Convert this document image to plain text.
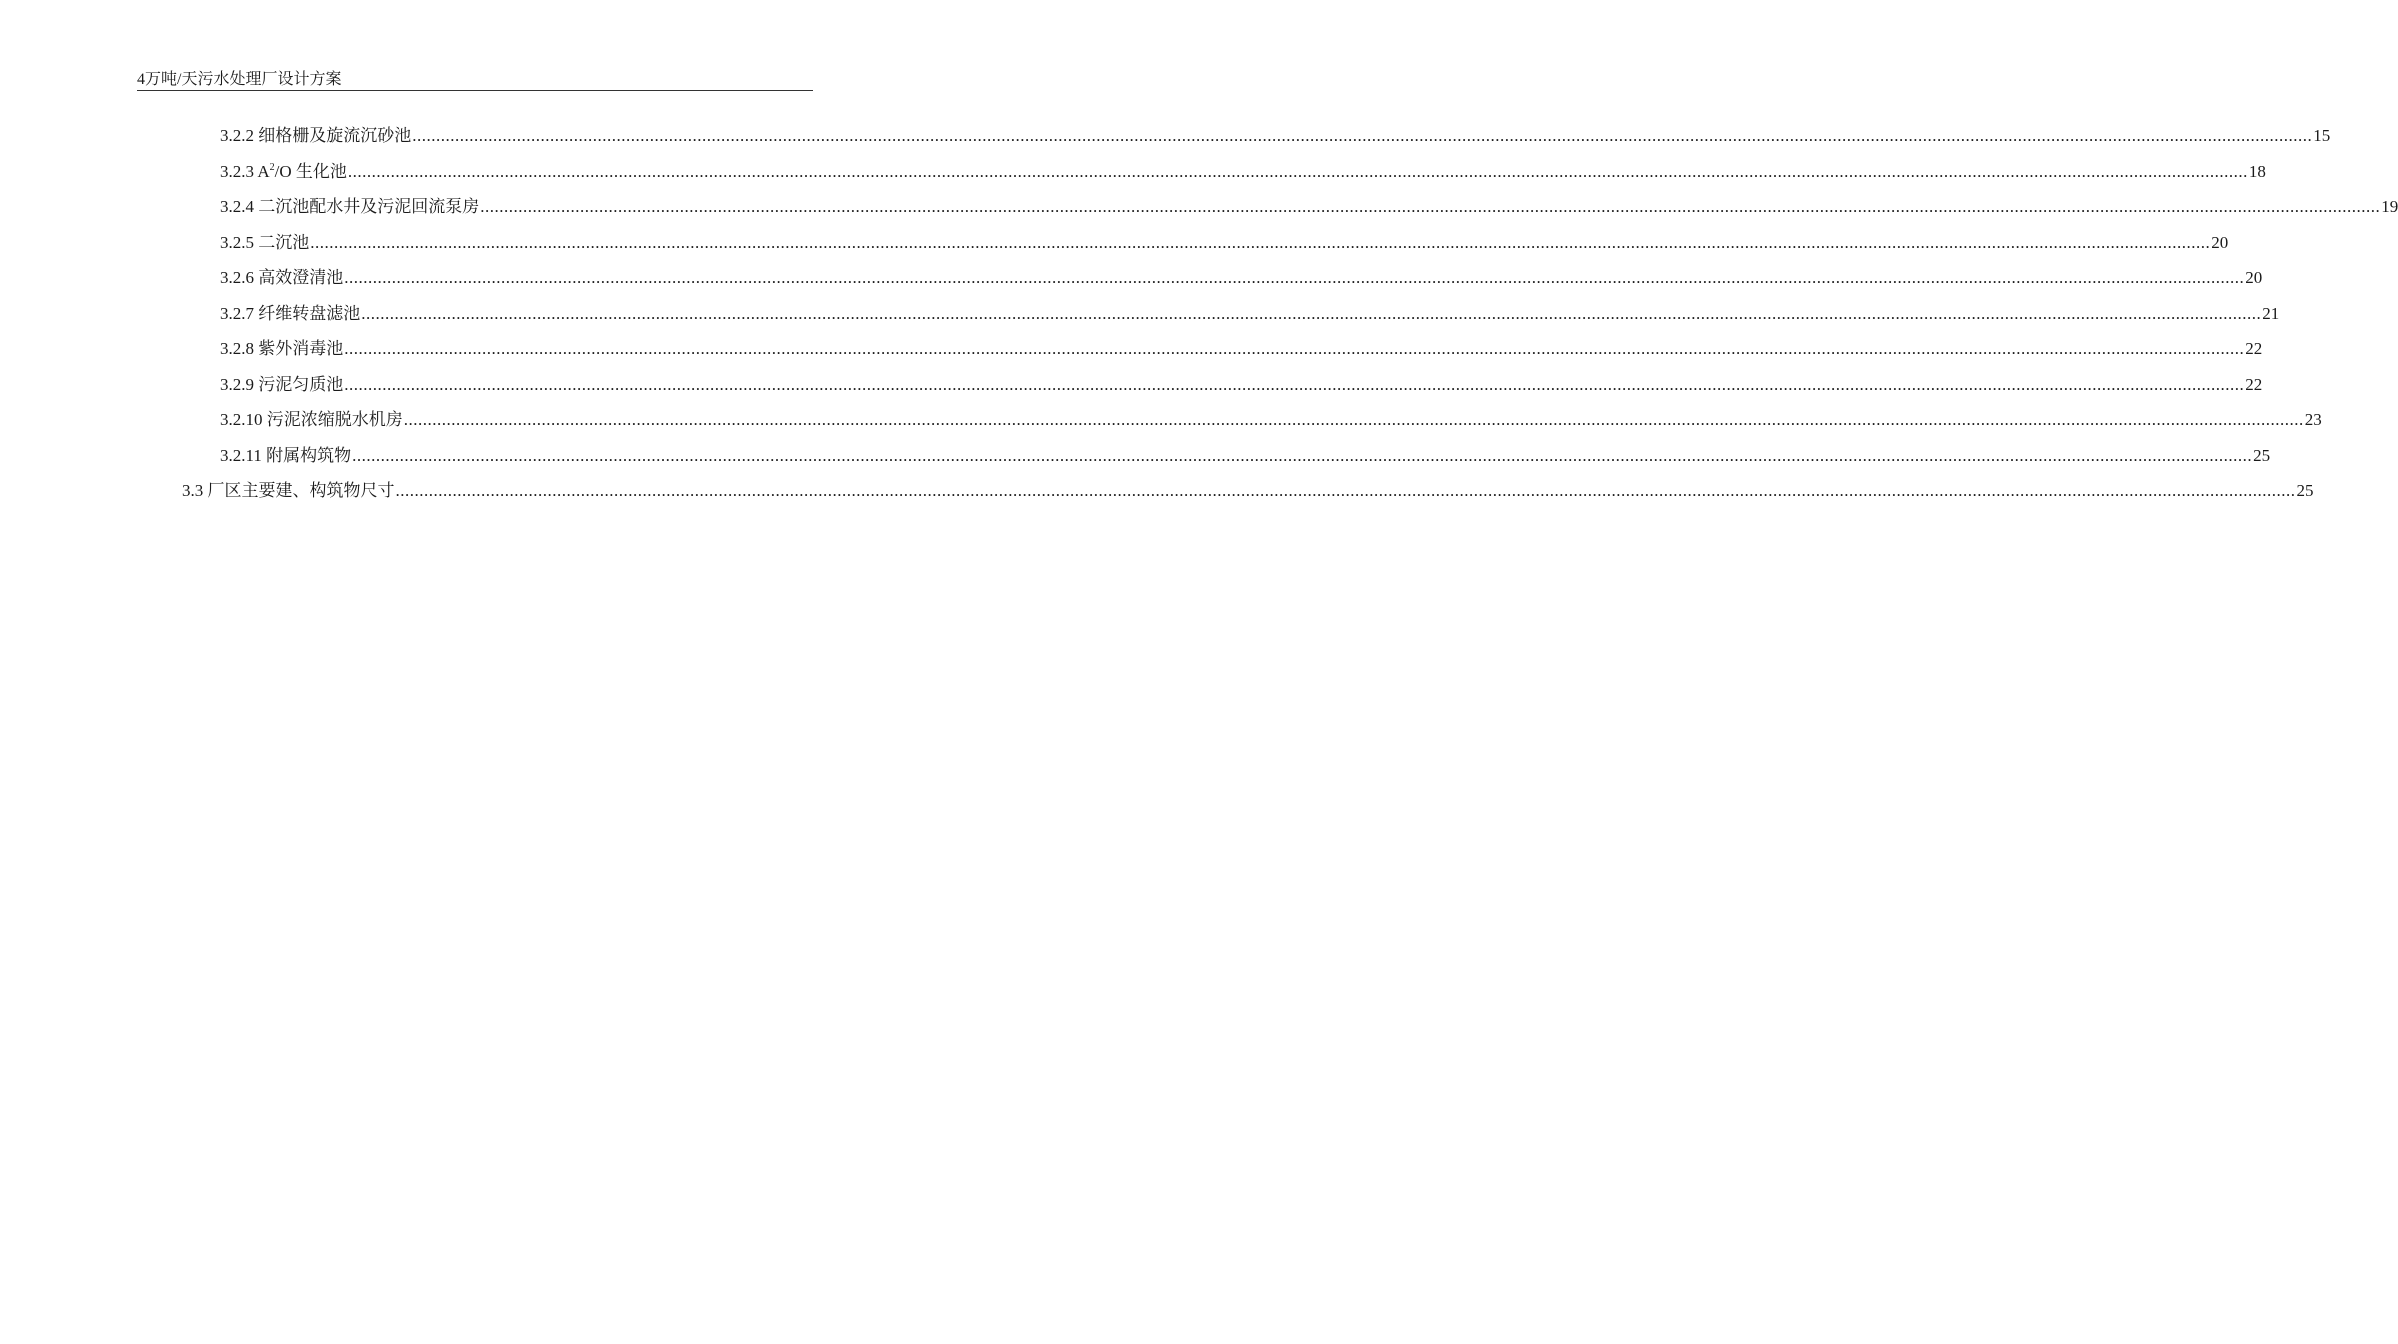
4万吨/天污水处理厂设计方案
3.2.2 细格栅及旋流沉砂池 ................................................................................................................................................................................................................................................................................................................................................................................................................ 15
3.2.3 $A^2/O$ 生化池 ................................................................................................................................................................................................................................................................................................................................................................................................................ 18
3.2.4 二沉池配水井及污泥回流泵房 ................................................................................................................................................................................................................................................................................................................................................................................................................ 19
3.2.5 二沉池 ................................................................................................................................................................................................................................................................................................................................................................................................................ 20
3.2.6 高效澄清池 ................................................................................................................................................................................................................................................................................................................................................................................................................ 20
3.2.7 纤维转盘滤池 ................................................................................................................................................................................................................................................................................................................................................................................................................ 21
3.2.8 紫外消毒池 ................................................................................................................................................................................................................................................................................................................................................................................................................ 22
3.2.9 污泥匀质池 ................................................................................................................................................................................................................................................................................................................................................................................................................ 22
3.2.10 污泥浓缩脱水机房 ................................................................................................................................................................................................................................................................................................................................................................................................................ 23
3.2.11 附属构筑物 ................................................................................................................................................................................................................................................................................................................................................................................................................ 25
3.3 厂区主要建、构筑物尺寸 ................................................................................................................................................................................................................................................................................................................................................................................................................ 25
